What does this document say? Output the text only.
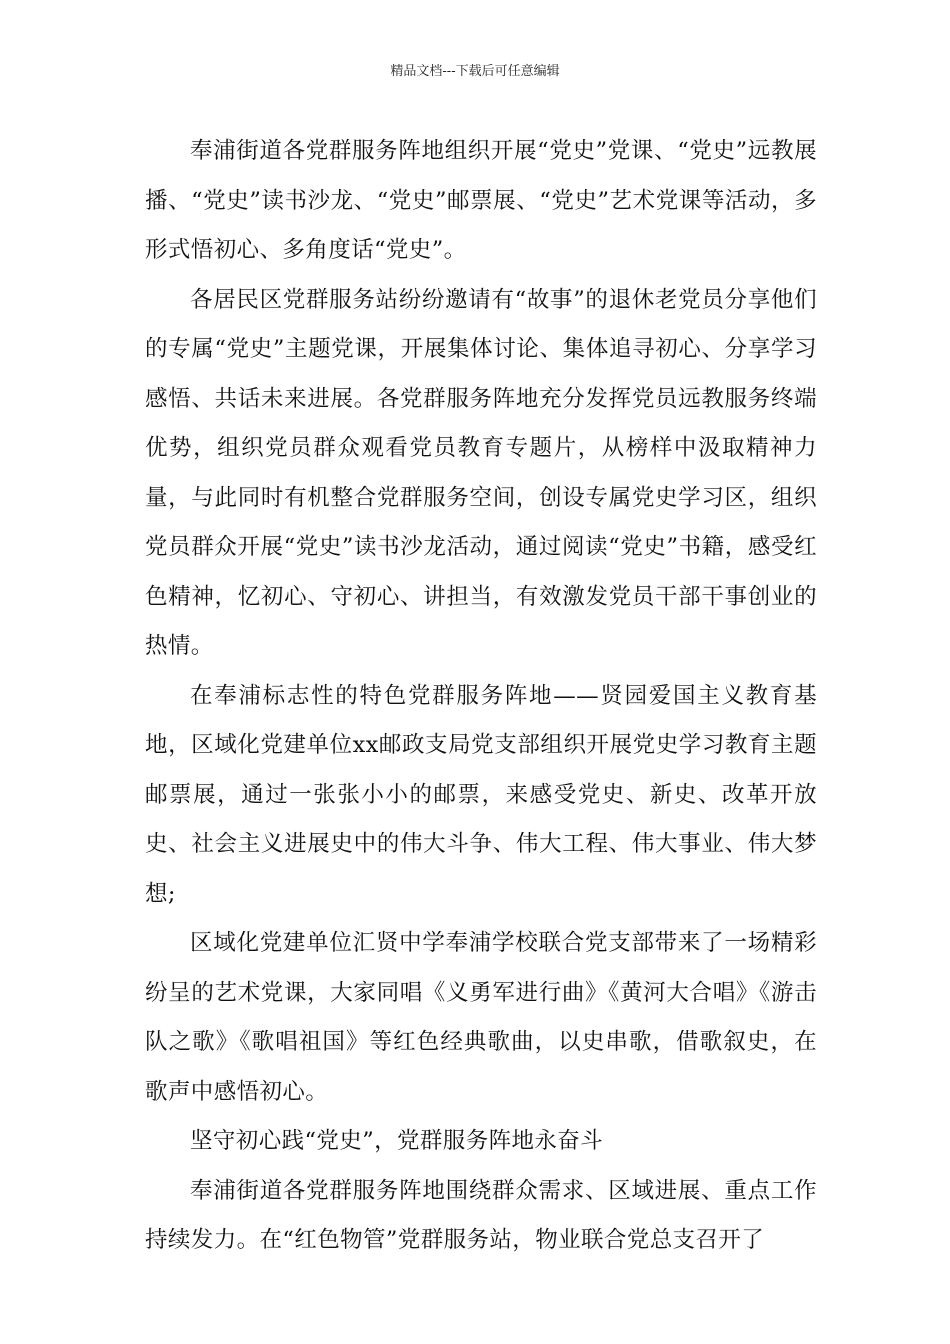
精品文档---下载后可任意编辑

奉浦街道各党群服务阵地组织开展“党史”党课、“党史”远教展播、“党史”读书沙龙、“党史”邮票展、“党史”艺术党课等活动，多形式悟初心、多角度话“党史”。

各居民区党群服务站纷纷邀请有“故事”的退休老党员分享他们的专属“党史”主题党课，开展集体讨论、集体追寻初心、分享学习感悟、共话未来进展。各党群服务阵地充分发挥党员远教服务终端优势，组织党员群众观看党员教育专题片，从榜样中汲取精神力量，与此同时有机整合党群服务空间，创设专属党史学习区，组织党员群众开展“党史”读书沙龙活动，通过阅读“党史”书籍，感受红色精神，忆初心、守初心、讲担当，有效激发党员干部干事创业的热情。

在奉浦标志性的特色党群服务阵地——贤园爱国主义教育基地，区域化党建单位xx邮政支局党支部组织开展党史学习教育主题邮票展，通过一张张小小的邮票，来感受党史、新史、改革开放史、社会主义进展史中的伟大斗争、伟大工程、伟大事业、伟大梦想;

区域化党建单位汇贤中学奉浦学校联合党支部带来了一场精彩纷呈的艺术党课，大家同唱《义勇军进行曲》《黄河大合唱》《游击队之歌》《歌唱祖国》等红色经典歌曲，以史串歌，借歌叙史，在歌声中感悟初心。

坚守初心践“党史”，党群服务阵地永奋斗

奉浦街道各党群服务阵地围绕群众需求、区域进展、重点工作持续发力。在“红色物管”党群服务站，物业联合党总支召开了
